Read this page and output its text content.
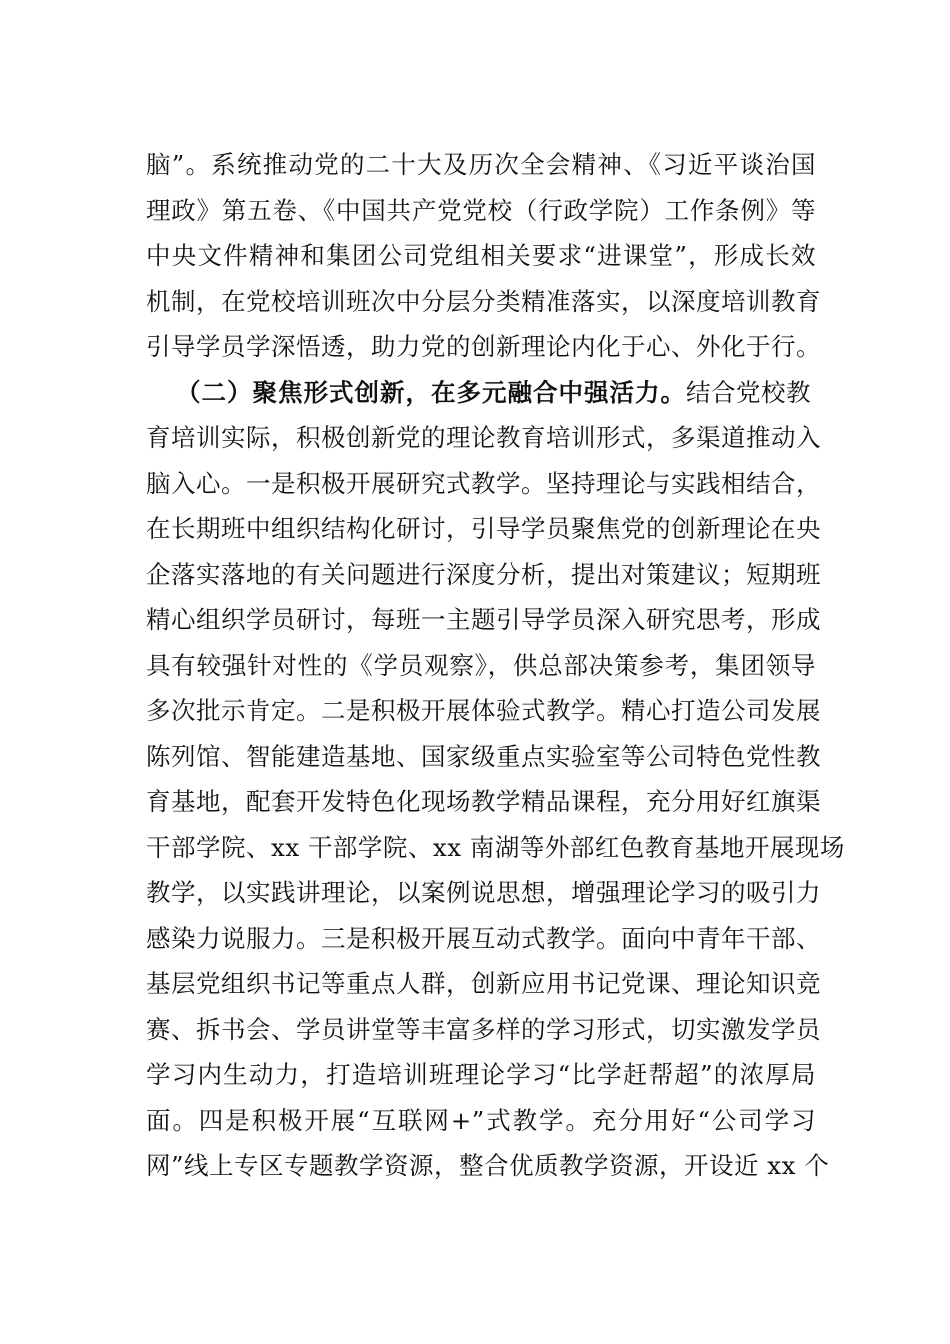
脑”。系统推动党的二十大及历次全会精神、《习近平谈治国
理政》第五卷、《中国共产党党校（行政学院）工作条例》等
中央文件精神和集团公司党组相关要求“进课堂”，形成长效
机制，在党校培训班次中分层分类精准落实，以深度培训教育
引导学员学深悟透，助力党的创新理论内化于心、外化于行。
（二）聚焦形式创新，在多元融合中强活力。结合党校教
育培训实际，积极创新党的理论教育培训形式，多渠道推动入
脑入心。一是积极开展研究式教学。坚持理论与实践相结合，
在长期班中组织结构化研讨，引导学员聚焦党的创新理论在央
企落实落地的有关问题进行深度分析，提出对策建议；短期班
精心组织学员研讨，每班一主题引导学员深入研究思考，形成
具有较强针对性的《学员观察》，供总部决策参考，集团领导
多次批示肯定。二是积极开展体验式教学。精心打造公司发展
陈列馆、智能建造基地、国家级重点实验室等公司特色党性教
育基地，配套开发特色化现场教学精品课程，充分用好红旗渠
干部学院、xx 干部学院、xx 南湖等外部红色教育基地开展现场
教学，以实践讲理论，以案例说思想，增强理论学习的吸引力
感染力说服力。三是积极开展互动式教学。面向中青年干部、
基层党组织书记等重点人群，创新应用书记党课、理论知识竞
赛、拆书会、学员讲堂等丰富多样的学习形式，切实激发学员
学习内生动力，打造培训班理论学习“比学赶帮超”的浓厚局
面。四是积极开展“互联网+”式教学。充分用好“公司学习
网”线上专区专题教学资源，整合优质教学资源，开设近 xx 个
